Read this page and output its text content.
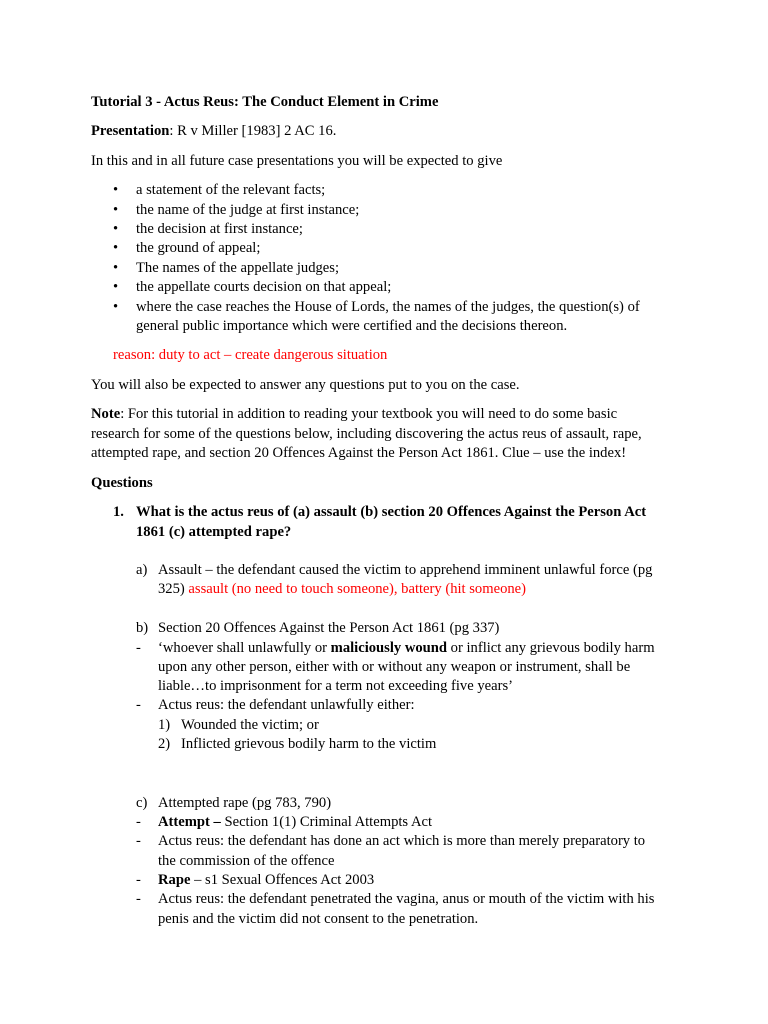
Tutorial 3 - Actus Reus: The Conduct Element in Crime
Presentation: R v Miller [1983] 2 AC 16.
In this and in all future case presentations you will be expected to give
• a statement of the relevant facts;
• the name of the judge at first instance;
• the decision at first instance;
• the ground of appeal;
• The names of the appellate judges;
• the appellate courts decision on that appeal;
• where the case reaches the House of Lords, the names of the judges, the question(s) of
general public importance which were certified and the decisions thereon.
reason: duty to act – create dangerous situation
You will also be expected to answer any questions put to you on the case.
Note: For this tutorial in addition to reading your textbook you will need to do some basic
research for some of the questions below, including discovering the actus reus of assault, rape,
attempted rape, and section 20 Offences Against the Person Act 1861. Clue – use the index!
Questions
1. What is the actus reus of (a) assault (b) section 20 Offences Against the Person Act
1861 (c) attempted rape?
a) Assault – the defendant caused the victim to apprehend imminent unlawful force (pg
325) assault (no need to touch someone), battery (hit someone)
b) Section 20 Offences Against the Person Act 1861 (pg 337)
- ‘whoever shall unlawfully or maliciously wound or inflict any grievous bodily harm
upon any other person, either with or without any weapon or instrument, shall be
liable…to imprisonment for a term not exceeding five years’
- Actus reus: the defendant unlawfully either:
1) Wounded the victim; or
2) Inflicted grievous bodily harm to the victim
c) Attempted rape (pg 783, 790)
- Attempt – Section 1(1) Criminal Attempts Act
- Actus reus: the defendant has done an act which is more than merely preparatory to
the commission of the offence
- Rape – s1 Sexual Offences Act 2003
- Actus reus: the defendant penetrated the vagina, anus or mouth of the victim with his
penis and the victim did not consent to the penetration.
